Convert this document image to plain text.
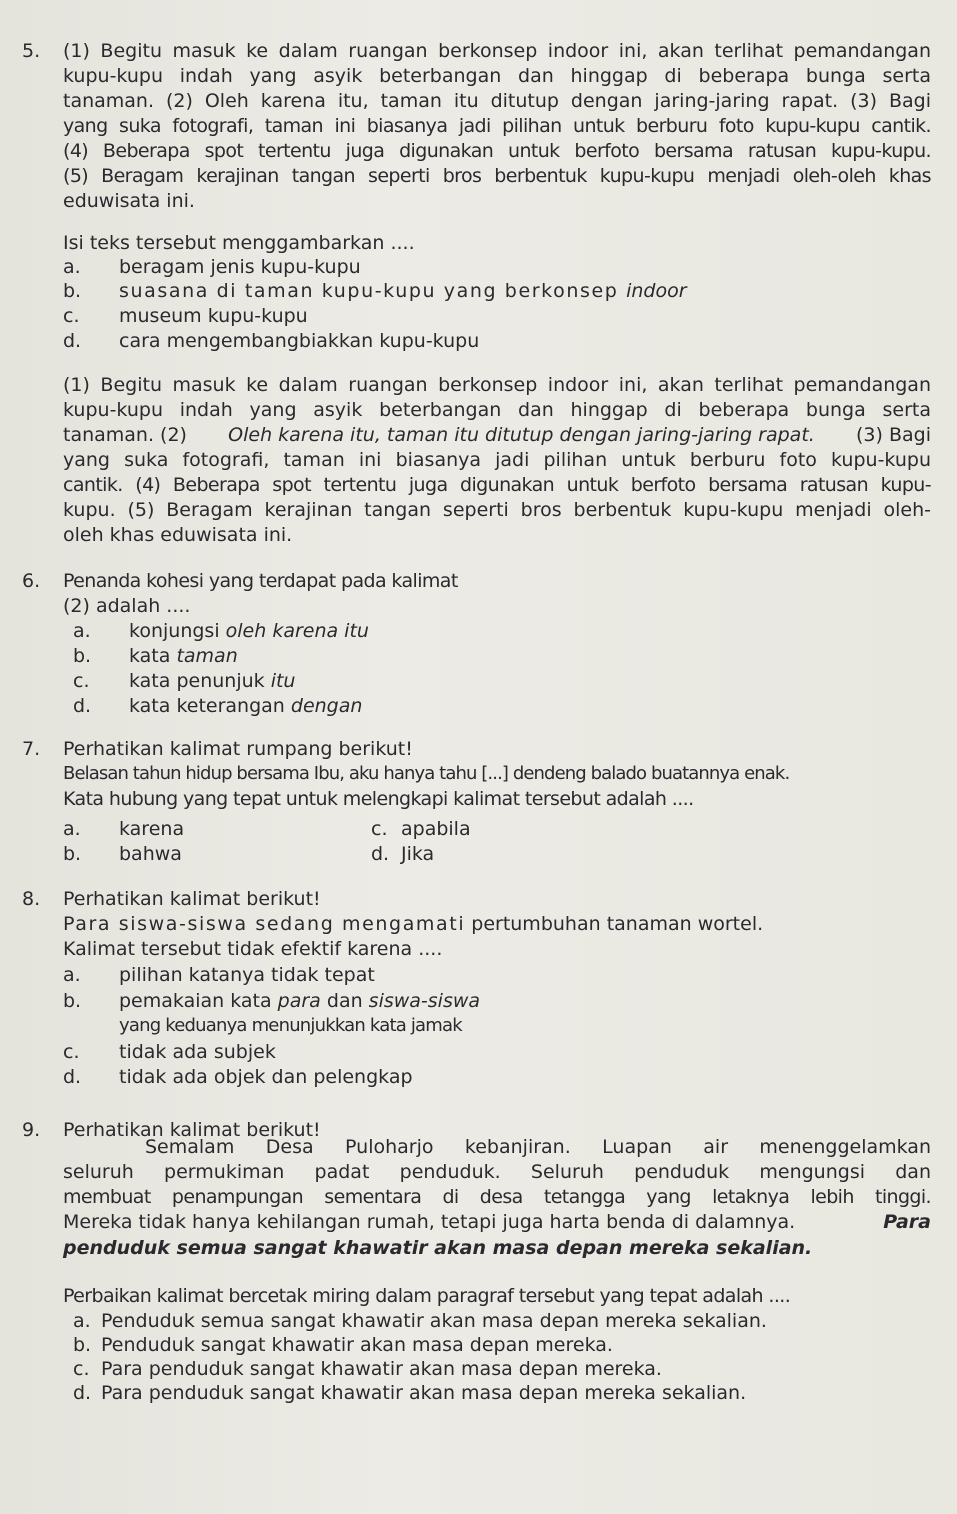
5. (1) Begitu masuk ke dalam ruangan berkonsep indoor ini, akan terlihat pemandangan
kupu-kupu indah yang asyik beterbangan dan hinggap di beberapa bunga serta
tanaman. (2) Oleh karena itu, taman itu ditutup dengan jaring-jaring rapat. (3) Bagi
yang suka fotografi, taman ini biasanya jadi pilihan untuk berburu foto kupu-kupu cantik.
(4) Beberapa spot tertentu juga digunakan untuk berfoto bersama ratusan kupu-kupu.
(5) Beragam kerajinan tangan seperti bros berbentuk kupu-kupu menjadi oleh-oleh khas
eduwisata ini.
Isi teks tersebut menggambarkan ....
a. beragam jenis kupu-kupu
b. suasana di taman kupu-kupu yang berkonsep indoor
c. museum kupu-kupu
d. cara mengembangbiakkan kupu-kupu
(1) Begitu masuk ke dalam ruangan berkonsep indoor ini, akan terlihat pemandangan
kupu-kupu indah yang asyik beterbangan dan hinggap di beberapa bunga serta
tanaman. (2) Oleh karena itu, taman itu ditutup dengan jaring-jaring rapat. (3) Bagi
yang suka fotografi, taman ini biasanya jadi pilihan untuk berburu foto kupu-kupu
cantik. (4) Beberapa spot tertentu juga digunakan untuk berfoto bersama ratusan kupu-
kupu. (5) Beragam kerajinan tangan seperti bros berbentuk kupu-kupu menjadi oleh-
oleh khas eduwisata ini.
6. Penanda kohesi yang terdapat pada kalimat
(2) adalah ....
a. konjungsi oleh karena itu
b. kata taman
c. kata penunjuk itu
d. kata keterangan dengan
7. Perhatikan kalimat rumpang berikut!
Belasan tahun hidup bersama Ibu, aku hanya tahu [...] dendeng balado buatannya enak.
Kata hubung yang tepat untuk melengkapi kalimat tersebut adalah ....
a. karena
b. bahwa
c. apabila
d. Jika
8. Perhatikan kalimat berikut!
Para siswa-siswa sedang mengamati pertumbuhan tanaman wortel.
Kalimat tersebut tidak efektif karena ....
a. pilihan katanya tidak tepat
b. pemakaian kata para dan siswa-siswa
yang keduanya menunjukkan kata jamak
c. tidak ada subjek
d. tidak ada objek dan pelengkap
9. Perhatikan kalimat berikut!
Semalam Desa Puloharjo kebanjiran. Luapan air menenggelamkan
seluruh permukiman padat penduduk. Seluruh penduduk mengungsi dan
membuat penampungan sementara di desa tetangga yang letaknya lebih tinggi.
Mereka tidak hanya kehilangan rumah, tetapi juga harta benda di dalamnya.	Para
penduduk semua sangat khawatir akan masa depan mereka sekalian.
Perbaikan kalimat bercetak miring dalam paragraf tersebut yang tepat adalah ....
a. Penduduk semua sangat khawatir akan masa depan mereka sekalian.
b. Penduduk sangat khawatir akan masa depan mereka.
c. Para penduduk sangat khawatir akan masa depan mereka.
d. Para penduduk sangat khawatir akan masa depan mereka sekalian.
